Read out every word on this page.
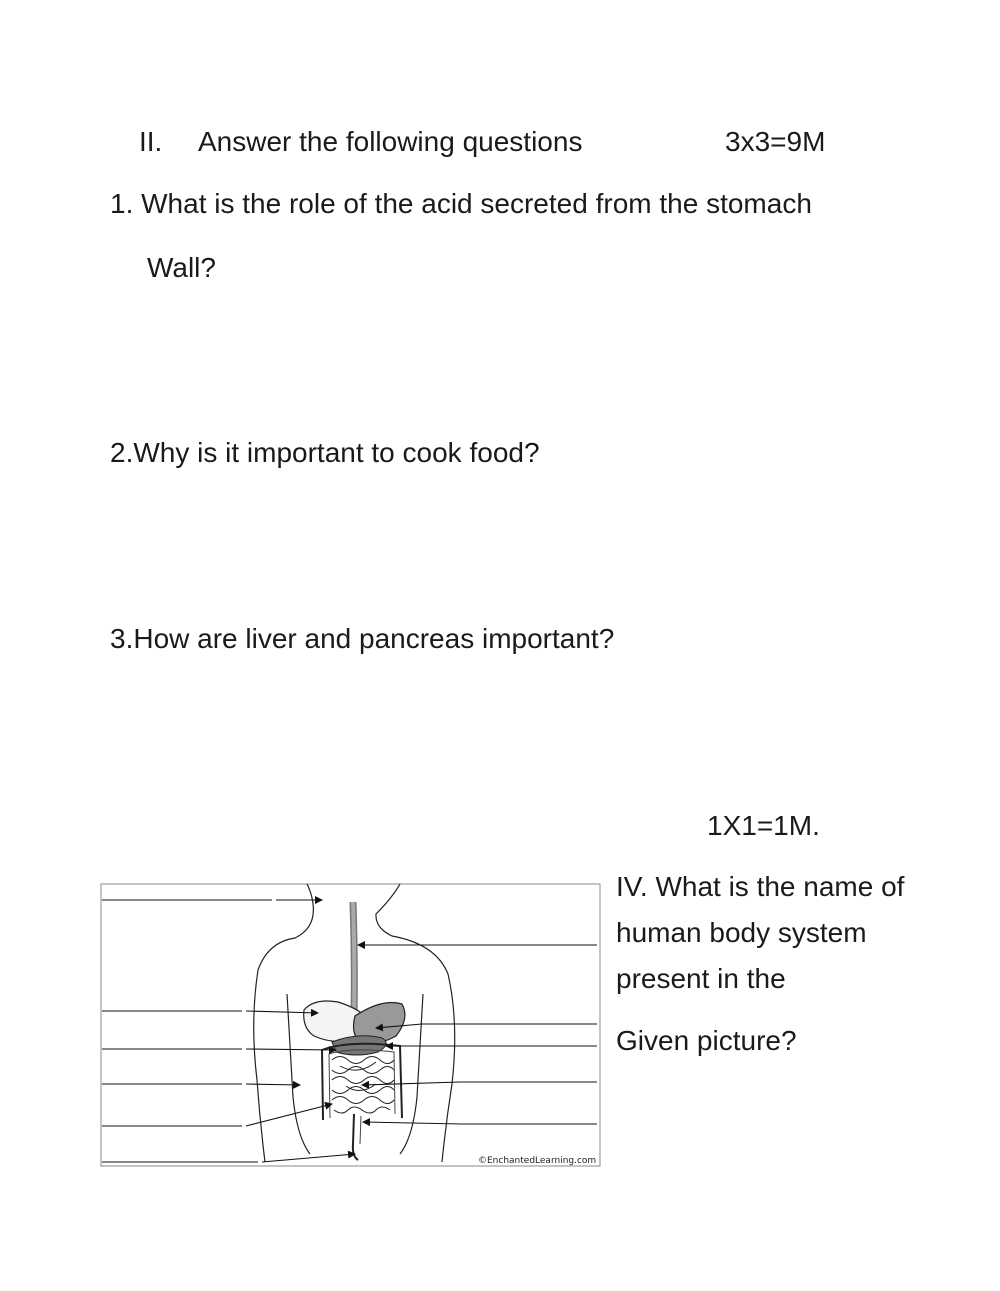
II. Answer the following questions	3x3=9M
1. What is the role of the acid secreted from the stomach
Wall?
2.Why is it important to cook food?
3.How are liver and pancreas important?
1X1=1M.
IV. What is the name of
human body system
present in the
Given picture?
©EnchantedLearning.com
